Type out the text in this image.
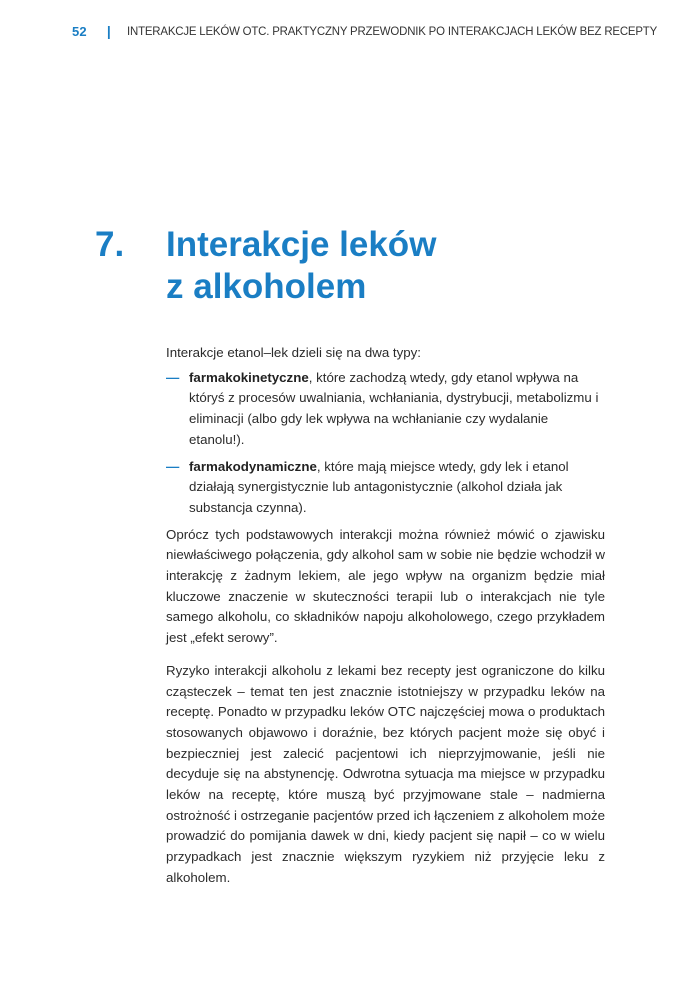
52 | INTERAKCJE LEKÓW OTC. PRAKTYCZNY PRZEWODNIK PO INTERAKCJACH LEKÓW BEZ RECEPTY
7. Interakcje leków
z alkoholem

Interakcje etanol–lek dzieli się na dwa typy:

— farmakokinetyczne, które zachodzą wtedy, gdy etanol wpływa na któryś z procesów uwalniania, wchłaniania, dystrybucji, metabolizmu i eliminacji (albo gdy lek wpływa na wchłanianie czy wydalanie etanolu!).
— farmakodynamiczne, które mają miejsce wtedy, gdy lek i etanol działają synergistycznie lub antagonistycznie (alkohol działa jak substancja czynna).

Oprócz tych podstawowych interakcji można również mówić o zjawisku niewłaściwego połączenia, gdy alkohol sam w sobie nie będzie wchodził w interakcję z żadnym lekiem, ale jego wpływ na organizm będzie miał kluczowe znaczenie w skuteczności terapii lub o interakcjach nie tyle samego alkoholu, co składników napoju alkoholowego, czego przykładem jest „efekt serowy”.

Ryzyko interakcji alkoholu z lekami bez recepty jest ograniczone do kilku cząsteczek – temat ten jest znacznie istotniejszy w przypadku leków na receptę. Ponadto w przypadku leków OTC najczęściej mowa o produktach stosowanych objawowo i doraźnie, bez których pacjent może się obyć i bezpieczniej jest zalecić pacjentowi ich nieprzyjmowanie, jeśli nie decyduje się na abstynencję. Odwrotna sytuacja ma miejsce w przypadku leków na receptę, które muszą być przyjmowane stale – nadmierna ostrożność i ostrzeganie pacjentów przed ich łączeniem z alkoholem może prowadzić do pomijania dawek w dni, kiedy pacjent się napił – co w wielu przypadkach jest znacznie większym ryzykiem niż przyjęcie leku z alkoholem.
